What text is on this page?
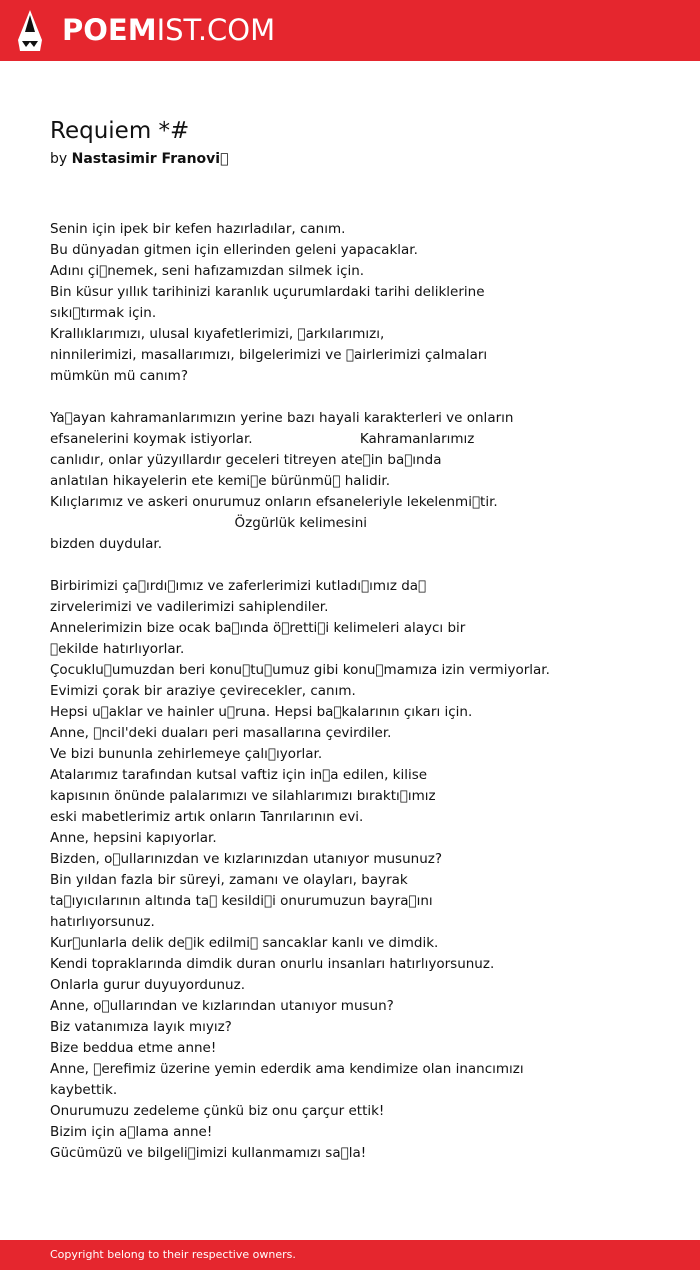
POEMIST.COM
Requiem *#
by Nastasimir Franovi 
Senin için ipek bir kefen hazırladılar, canım.
Bu dünyadan gitmen için ellerinden geleni yapacaklar.
Adını çi nemek, seni hafızamızdan silmek için.
Bin küsur yıllık tarihinizi karanlık uçurumlardaki tarihi deliklerine
sıkı tırmak için.
Krallıklarımızı, ulusal kıyafetlerimizi,  arkılarımızı,
ninnilerimizi, masallarımızı, bilgelerimizi ve  airlerimizi çalmaları
mümkün mü canım?
Ya ayan kahramanlarımızın yerine bazı hayali karakterleri ve onların
efsanelerini koymak istiyorlar.                         Kahramanlarımız
canlıdır, onlar yüzyıllardır geceleri titreyen ate in ba ında
anlatılan hikayelerin ete kemi e bürünmü  halidir.
Kılıçlarımız ve askeri onurumuz onların efsaneleriyle lekelenmi tir.
Özgürlük kelimesini
bizden duydular.
Birbirimizi ça ırdı ımız ve zaferlerimizi kutladı ımız da 
zirvelerimizi ve vadilerimizi sahiplendiler.
Annelerimizin bize ocak ba ında ö retti i kelimeleri alaycı bir
 ekilde hatırlıyorlar.
Çocuklu umuzdan beri konu tu umuz gibi konu mamıza izin vermiyorlar.
Evimizi çorak bir araziye çevirecekler, canım.
Hepsi u aklar ve hainler u runa. Hepsi ba kalarının çıkarı için.
Anne,  ncil'deki duaları peri masallarına çevirdiler.
Ve bizi bununla zehirlemeye çalı ıyorlar.
Atalarımız tarafından kutsal vaftiz için in a edilen, kilise
kapısının önünde palalarımızı ve silahlarımızı bıraktı ımız
eski mabetlerimiz artık onların Tanrılarının evi.
Anne, hepsini kapıyorlar.
Bizden, o ullarınızdan ve kızlarınızdan utanıyor musunuz?
Bin yıldan fazla bir süreyi, zamanı ve olayları, bayrak
ta ıyıcılarının altında ta  kesildi i onurumuzun bayra ını
hatırlıyorsunuz.
Kur unlarla delik de ik edilmi  sancaklar kanlı ve dimdik.
Kendi topraklarında dimdik duran onurlu insanları hatırlıyorsunuz.
Onlarla gurur duyuyordunuz.
Anne, o ullarından ve kızlarından utanıyor musun?
Biz vatanımıza layık mıyız?
Bize beddua etme anne!
Anne,  erefimiz üzerine yemin ederdik ama kendimize olan inancımızı
kaybettik.
Onurumuzu zedeleme çünkü biz onu çarçur ettik!
Bizim için a lama anne!
Gücümüzü ve bilgeli imizi kullanmamızı sa la!
Copyright belong to their respective owners.
